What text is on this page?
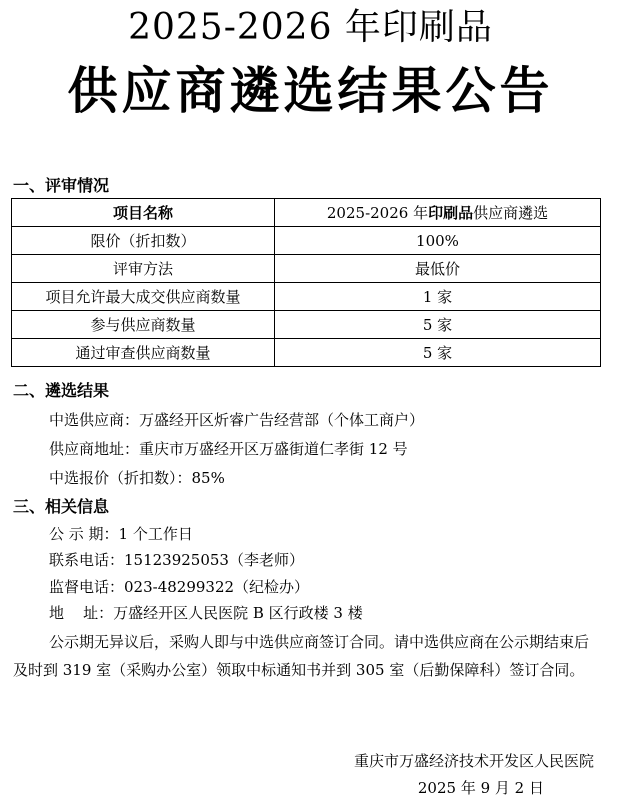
2025-2026 年印刷品
供应商遴选结果公告
一、评审情况
项目名称	2025-2026 年印刷品供应商遴选
限价（折扣数）	100%
评审方法	最低价
项目允许最大成交供应商数量	1 家
参与供应商数量	5 家
通过审查供应商数量	5 家
二、遴选结果
中选供应商：万盛经开区炘睿广告经营部（个体工商户）
供应商地址：重庆市万盛经开区万盛街道仁孝街 12 号
中选报价（折扣数）：85%
三、相关信息
公 示 期：1 个工作日
联系电话：15123925053（李老师）
监督电话：023-48299322（纪检办）
地    址：万盛经开区人民医院 B 区行政楼 3 楼
公示期无异议后，采购人即与中选供应商签订合同。请中选供应商在公示期结束后及时到 319 室（采购办公室）领取中标通知书并到 305 室（后勤保障科）签订合同。
重庆市万盛经济技术开发区人民医院
2025 年 9 月 2 日
